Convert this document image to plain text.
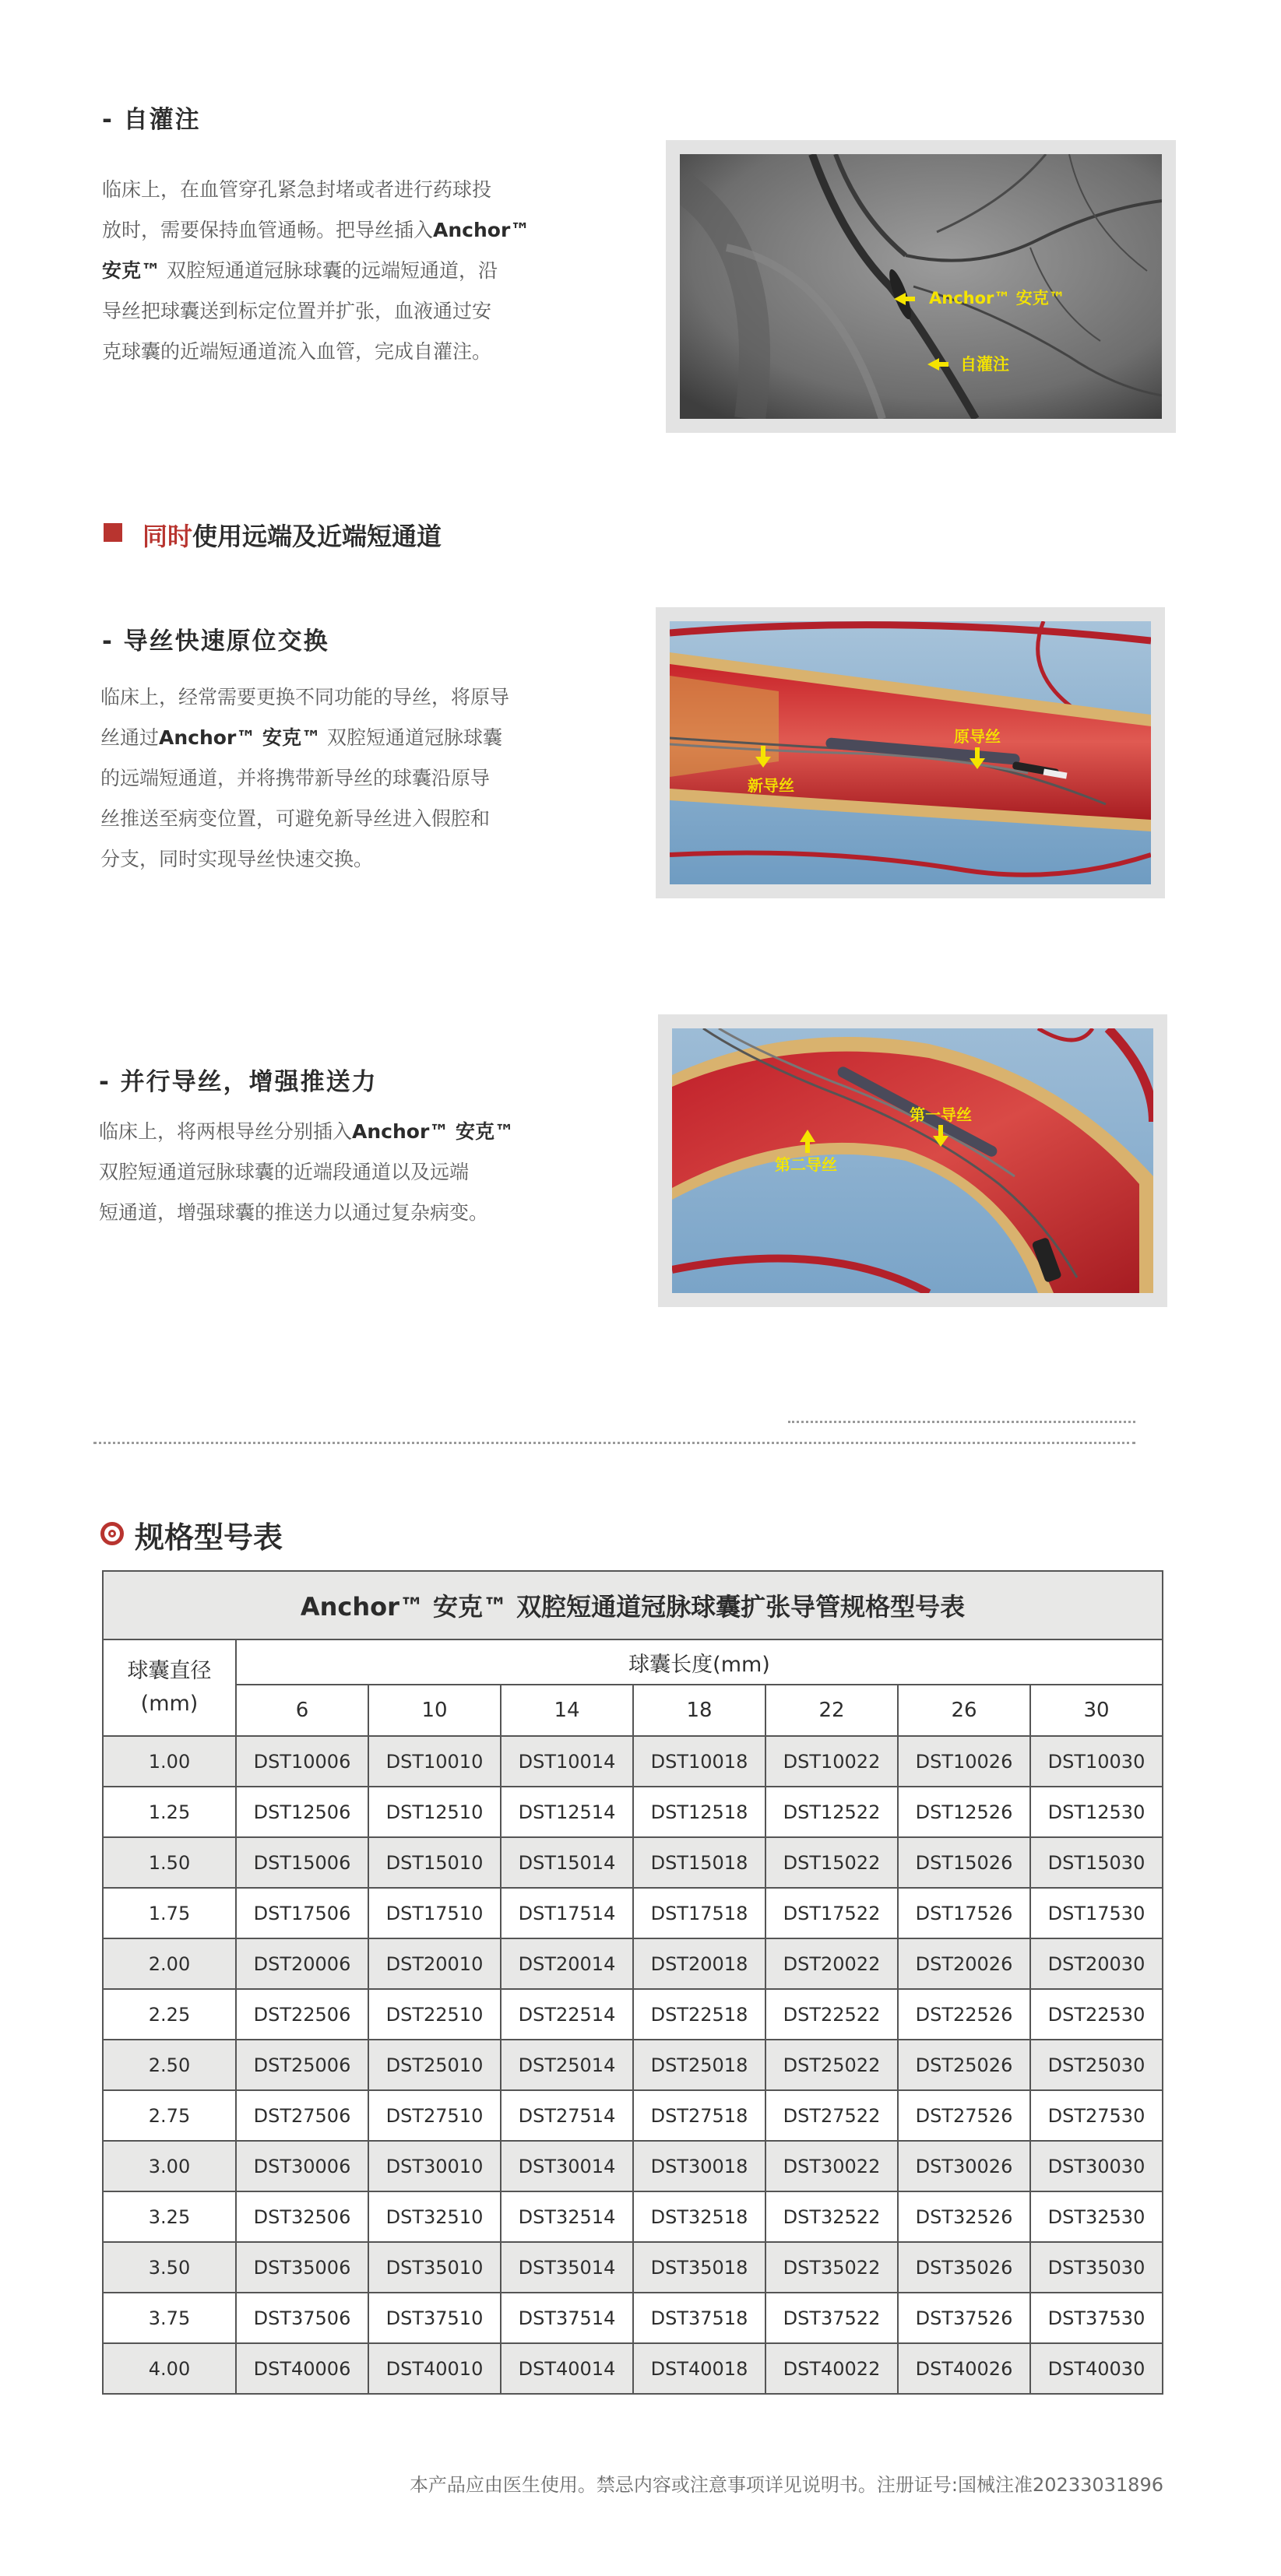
- 自灌注
临床上，在血管穿孔紧急封堵或者进行药球投
放时，需要保持血管通畅。把导丝插入Anchor™
安克™ 双腔短通道冠脉球囊的远端短通道，沿
导丝把球囊送到标定位置并扩张，血液通过安
克球囊的近端短通道流入血管，完成自灌注。
Anchor™ 安克™
自灌注
同时使用远端及近端短通道
- 导丝快速原位交换
临床上，经常需要更换不同功能的导丝，将原导
丝通过Anchor™ 安克™ 双腔短通道冠脉球囊
的远端短通道，并将携带新导丝的球囊沿原导
丝推送至病变位置，可避免新导丝进入假腔和
分支，同时实现导丝快速交换。
原导丝
新导丝
- 并行导丝，增强推送力
临床上，将两根导丝分别插入Anchor™ 安克™
双腔短通道冠脉球囊的近端段通道以及远端
短通道，增强球囊的推送力以通过复杂病变。
第一导丝
第二导丝
规格型号表
Anchor™ 安克™ 双腔短通道冠脉球囊扩张导管规格型号表							
球囊直径
(mm)	球囊长度(mm)						
	6	10	14	18	22	26	30
1.00	DST10006	DST10010	DST10014	DST10018	DST10022	DST10026	DST10030
1.25	DST12506	DST12510	DST12514	DST12518	DST12522	DST12526	DST12530
1.50	DST15006	DST15010	DST15014	DST15018	DST15022	DST15026	DST15030
1.75	DST17506	DST17510	DST17514	DST17518	DST17522	DST17526	DST17530
2.00	DST20006	DST20010	DST20014	DST20018	DST20022	DST20026	DST20030
2.25	DST22506	DST22510	DST22514	DST22518	DST22522	DST22526	DST22530
2.50	DST25006	DST25010	DST25014	DST25018	DST25022	DST25026	DST25030
2.75	DST27506	DST27510	DST27514	DST27518	DST27522	DST27526	DST27530
3.00	DST30006	DST30010	DST30014	DST30018	DST30022	DST30026	DST30030
3.25	DST32506	DST32510	DST32514	DST32518	DST32522	DST32526	DST32530
3.50	DST35006	DST35010	DST35014	DST35018	DST35022	DST35026	DST35030
3.75	DST37506	DST37510	DST37514	DST37518	DST37522	DST37526	DST37530
4.00	DST40006	DST40010	DST40014	DST40018	DST40022	DST40026	DST40030
本产品应由医生使用。禁忌内容或注意事项详见说明书。注册证号:国械注准20233031896
